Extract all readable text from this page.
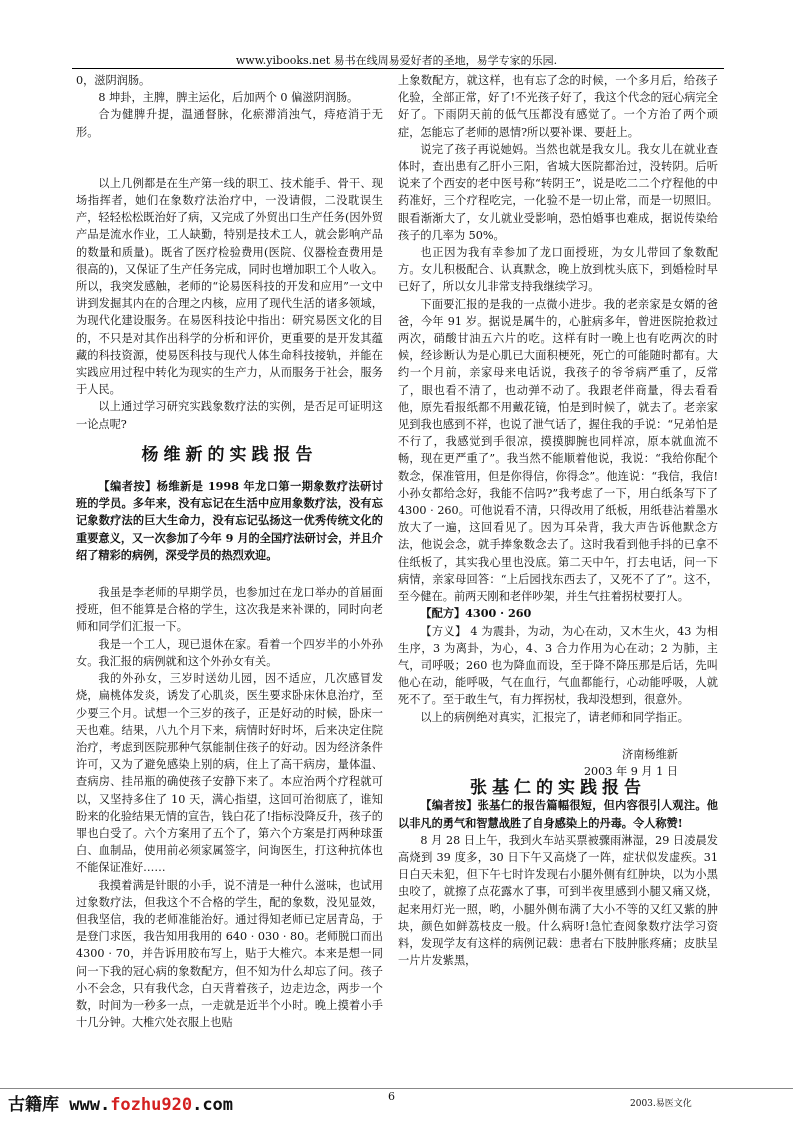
www.yibooks.net 易书在线周易爱好者的圣地，易学专家的乐园.

0，滋阴润肠。

8 坤卦，主脾，脾主运化，后加两个 0 偏滋阴润肠。

合为健脾升提，温通督脉，化瘀滞消浊气，痔疮消于无形。

以上几例都是在生产第一线的职工、技术能手、骨干、现场指挥者，她们在象数疗法治疗中，一没请假，二没耽误生产，轻轻松松既治好了病，又完成了外贸出口生产任务(因外贸产品是流水作业，工人缺勤，特别是技术工人，就会影响产品的数量和质量)。既省了医疗检验费用(医院、仪器检查费用是很高的)，又保证了生产任务完成，同时也增加职工个人收入。所以，我突发感触，老师的“论易医科技的开发和应用”一文中讲到发掘其内在的合理之内核，应用了现代生活的诸多领域，为现代化建设服务。在易医科技论中指出：研究易医文化的目的，不只是对其作出科学的分析和评价，更重要的是开发其蕴藏的科技资源，使易医科技与现代人体生命科技接轨，并能在实践应用过程中转化为现实的生产力，从而服务于社会，服务于人民。

以上通过学习研究实践象数疗法的实例，是否足可证明这一论点呢?

杨维新的实践报告

【编者按】杨维新是 1998 年龙口第一期象数疗法研讨班的学员。多年来，没有忘记在生活中应用象数疗法，没有忘记象数疗法的巨大生命力，没有忘记弘扬这一优秀传统文化的重要意义，又一次参加了今年 9 月的全国疗法研讨会，并且介绍了精彩的病例，深受学员的热烈欢迎。

我虽是李老师的早期学员，也参加过在龙口举办的首届面授班，但不能算是合格的学生，这次我是来补课的，同时向老师和同学们汇报一下。

我是一个工人，现已退休在家。看着一个四岁半的小外孙女。我汇报的病例就和这个外孙女有关。

我的外孙女，三岁时送幼儿园，因不适应，几次感冒发烧，扁桃体发炎，诱发了心肌炎，医生要求卧床休息治疗，至少要三个月。试想一个三岁的孩子，正是好动的时候，卧床一天也难。结果，八九个月下来，病情时好时坏，后来决定住院治疗，考虑到医院那种气氛能制住孩子的好动。因为经济条件许可，又为了避免感染上别的病，住上了高干病房，量体温、查病房、挂吊瓶的确使孩子安静下来了。本应治两个疗程就可以，又坚持多住了 10 天，满心指望，这回可治彻底了，谁知盼来的化验结果无情的宣告，钱白花了!指标没降反升，孩子的罪也白受了。六个方案用了五个了，第六个方案是打两种球蛋白、血制品，使用前必须家属签字，问询医生，打这种抗体也不能保证准好……

我摸着满是针眼的小手，说不清是一种什么滋味，也试用过象数疗法，但我这个不合格的学生，配的象数，没见显效，但我坚信，我的老师准能治好。通过得知老师已定居青岛，于是登门求医，我告知用我用的 640 · 030 · 80。老师脱口而出 4300 · 70，并告诉用胶布写上，贴于大椎穴。本来是想一同问一下我的冠心病的象数配方，但不知为什么却忘了问。孩子小不会念，只有我代念，白天背着孩子，边走边念，两步一个数，时间为一秒多一点，一走就是近半个小时。晚上摸着小手十几分钟。大椎穴处衣服上也贴

上象数配方，就这样，也有忘了念的时候，一个多月后，给孩子化验，全部正常，好了!不光孩子好了，我这个代念的冠心病完全好了。下雨阴天前的低气压都没有感觉了。一个方治了两个顽症，怎能忘了老师的恩情?所以要补课、要赶上。

说完了孩子再说她妈。当然也就是我女儿。我女儿在就业查体时，查出患有乙肝小三阳，省城大医院都治过，没转阴。后听说来了个西安的老中医号称“转阴王”，说是吃二二个疗程他的中药准好，三个疗程吃完，一化验不是一切止常，而是一切照旧。眼看渐渐大了，女儿就业受影响，恐怕婚事也难成，据说传染给孩子的几率为 50%。

也正因为我有幸参加了龙口面授班，为女儿带回了象数配方。女儿积极配合、认真默念，晚上放到枕头底下，到婚检时早已好了，所以女儿非常支持我继续学习。

下面要汇报的是我的一点微小进步。我的老亲家是女婿的爸爸，今年 91 岁。据说是属牛的，心脏病多年，曾进医院抢救过两次，硝酸甘油五六片的吃。这样有时一晚上也有吃两次的时候，经诊断认为是心肌已大面积梗死，死亡的可能随时都有。大约一个月前，亲家母来电话说，我孩子的爷爷病严重了，反常了，眼也看不清了，也动弹不动了。我跟老伴商量，得去看看他，原先看报纸都不用戴花镜，怕是到时候了，就去了。老亲家见到我也感到不祥，也说了泄气话了，握住我的手说：“兄弟怕是不行了，我感觉到手很凉，摸摸脚腕也同样凉，原本就血流不畅，现在更严重了”。我当然不能顺着他说，我说：“我给你配个数念，保准管用，但是你得信，你得念”。他连说：“我信，我信!小孙女都给念好，我能不信吗?”我考虑了一下，用白纸条写下了 4300 · 260。可他说看不清，只得改用了纸板，用纸巷沾着墨水放大了一遍，这回看见了。因为耳朵背，我大声告诉他默念方法，他说会念，就手捧象数念去了。这时我看到他手抖的已拿不住纸板了，其实我心里也没底。第二天中午，打去电话，问一下病情，亲家母回答：“上后园找东西去了，又死不了了”。这不，至今健在。前两天刚和老伴吵架，并生气拄着拐杖要打人。

【配方】4300 · 260

【方义】 4 为震卦，为动，为心在动，又木生火，43 为相生序，3 为离卦，为心，4、3 合力作用为心在动；2 为肺，主气，司呼吸；260 也为降血而设，至于降不降压那是后话，先叫他心在动，能呼吸，气在血行，气血都能行，心动能呼吸，人就死不了。至于敢生气，有力挥拐杖，我却没想到，很意外。

以上的病例绝对真实，汇报完了，请老师和同学指正。

济南杨维新

2003 年 9 月 1 日

张基仁的实践报告

【编者按】张基仁的报告篇幅很短，但内容很引人观注。他以非凡的勇气和智慧战胜了自身感染上的丹毒。令人称赞!

8 月 28 日上午，我到火车站买票被骤雨淋湿，29 日凌晨发高烧到 39 度多，30 日下午又高烧了一阵，症状似发虚疾。31 日白天未犯，但下午七时许发现右小腿外侧有红肿块，以为小黑虫咬了，就擦了点花露水了事，可到半夜里感到小腿又痛又烧，起来用灯光一照，哟，小腿外侧布满了大小不等的又红又紫的肿块，颜色如鲜荔枝皮一般。什么病呀!急忙查阅象数疗法学习资料，发现学友有这样的病例记载：患者右下肢肿胀疼痛；皮肤呈一片片发紫黑，

古籍库 www.fozhu920.com	6
2003.易医文化
